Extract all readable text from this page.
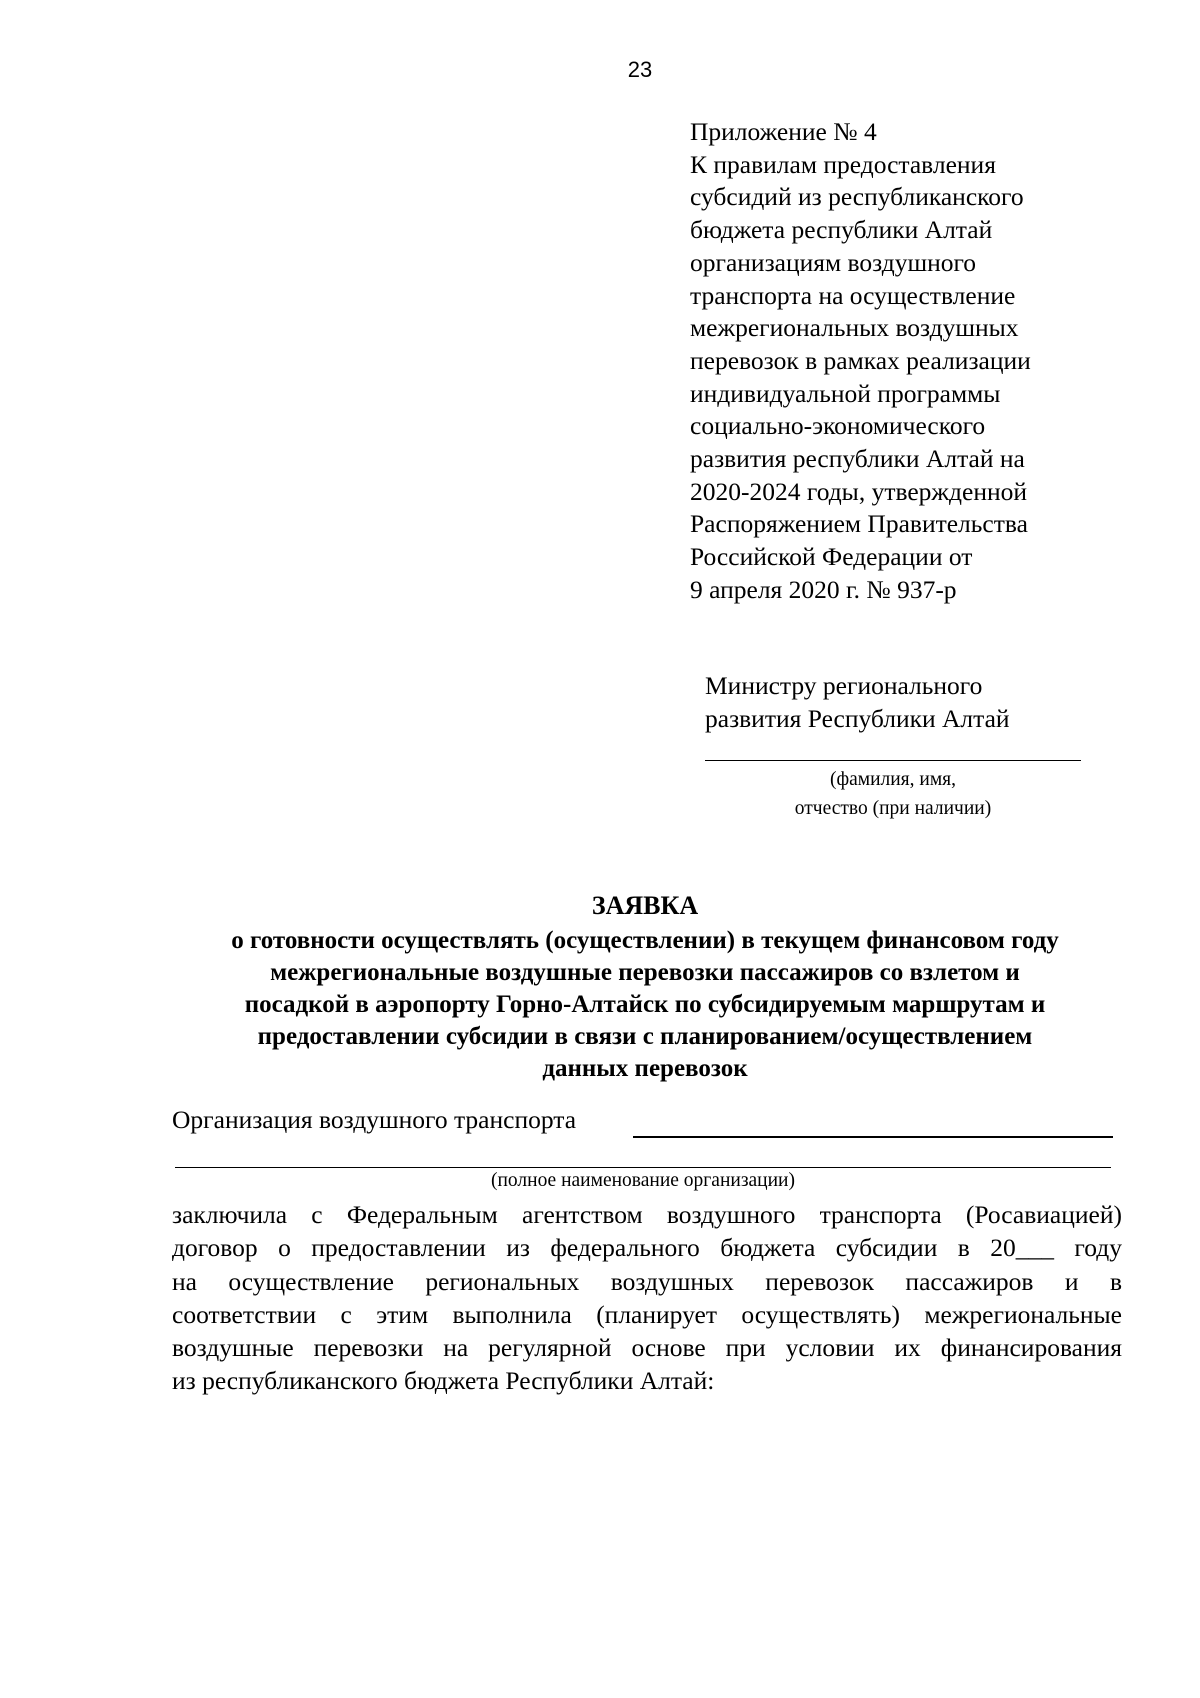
23
Приложение № 4
К правилам предоставления
субсидий из республиканского
бюджета республики Алтай
организациям воздушного
транспорта на осуществление
межрегиональных воздушных
перевозок в рамках реализации
индивидуальной программы
социально-экономического
развития республики Алтай на
2020-2024 годы, утвержденной
Распоряжением Правительства
Российской Федерации от
9 апреля 2020 г. № 937-р
Министру регионального
развития Республики Алтай
(фамилия, имя,
отчество (при наличии)
ЗАЯВКА
о готовности осуществлять (осуществлении) в текущем финансовом году
межрегиональные воздушные перевозки пассажиров со взлетом и
посадкой в аэропорту Горно-Алтайск по субсидируемым маршрутам и
предоставлении субсидии в связи с планированием/осуществлением
данных перевозок
Организация воздушного транспорта
(полное наименование организации)
заключила с Федеральным агентством воздушного транспорта (Росавиацией)
договор о предоставлении из федерального бюджета субсидии в 20___ году
на осуществление региональных воздушных перевозок пассажиров и в
соответствии с этим выполнила (планирует осуществлять) межрегиональные
воздушные перевозки на регулярной основе при условии их финансирования
из республиканского бюджета Республики Алтай:
